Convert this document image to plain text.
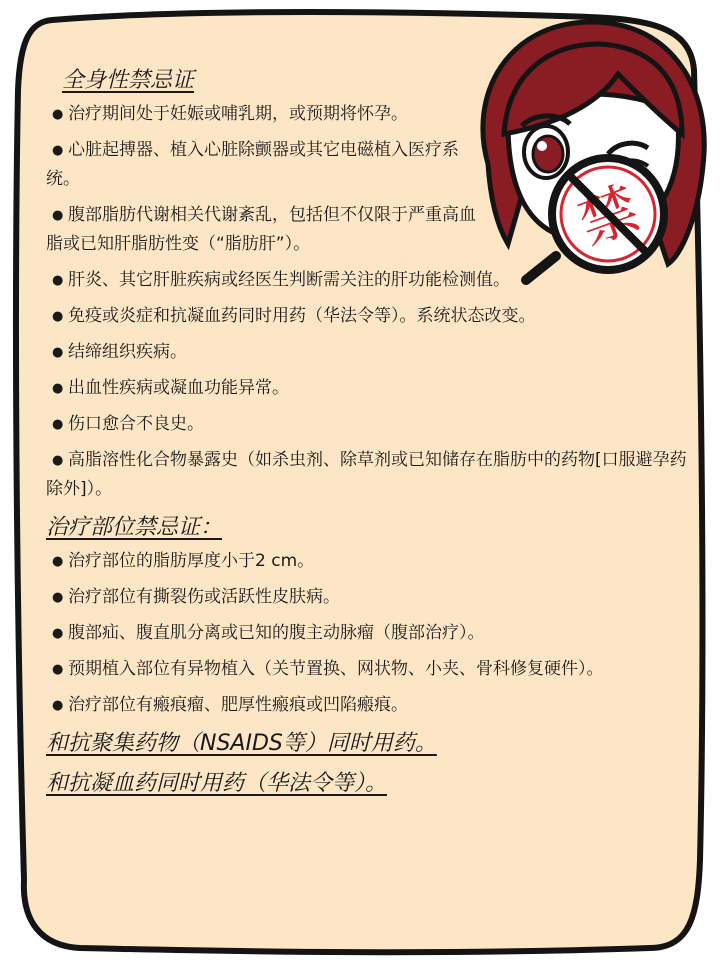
全身性禁忌证
● 治疗期间处于妊娠或哺乳期，或预期将怀孕。
● 心脏起搏器、植入心脏除颤器或其它电磁植入医疗系统。
● 腹部脂肪代谢相关代谢紊乱，包括但不仅限于严重高血脂或已知肝脂肪性变（“脂肪肝”）。
● 肝炎、其它肝脏疾病或经医生判断需关注的肝功能检测值。
● 免疫或炎症和抗凝血药同时用药（华法令等）。系统状态改变。
● 结缔组织疾病。
● 出血性疾病或凝血功能异常。
● 伤口愈合不良史。
● 高脂溶性化合物暴露史（如杀虫剂、除草剂或已知储存在脂肪中的药物[口服避孕药除外]）。
治疗部位禁忌证：
● 治疗部位的脂肪厚度小于2 cm。
● 治疗部位有撕裂伤或活跃性皮肤病。
● 腹部疝、腹直肌分离或已知的腹主动脉瘤（腹部治疗）。
● 预期植入部位有异物植入（关节置换、网状物、小夹、骨科修复硬件）。
● 治疗部位有瘢痕瘤、肥厚性瘢痕或凹陷瘢痕。
和抗聚集药物（NSAIDS等）同时用药。
和抗凝血药同时用药（华法令等）。
